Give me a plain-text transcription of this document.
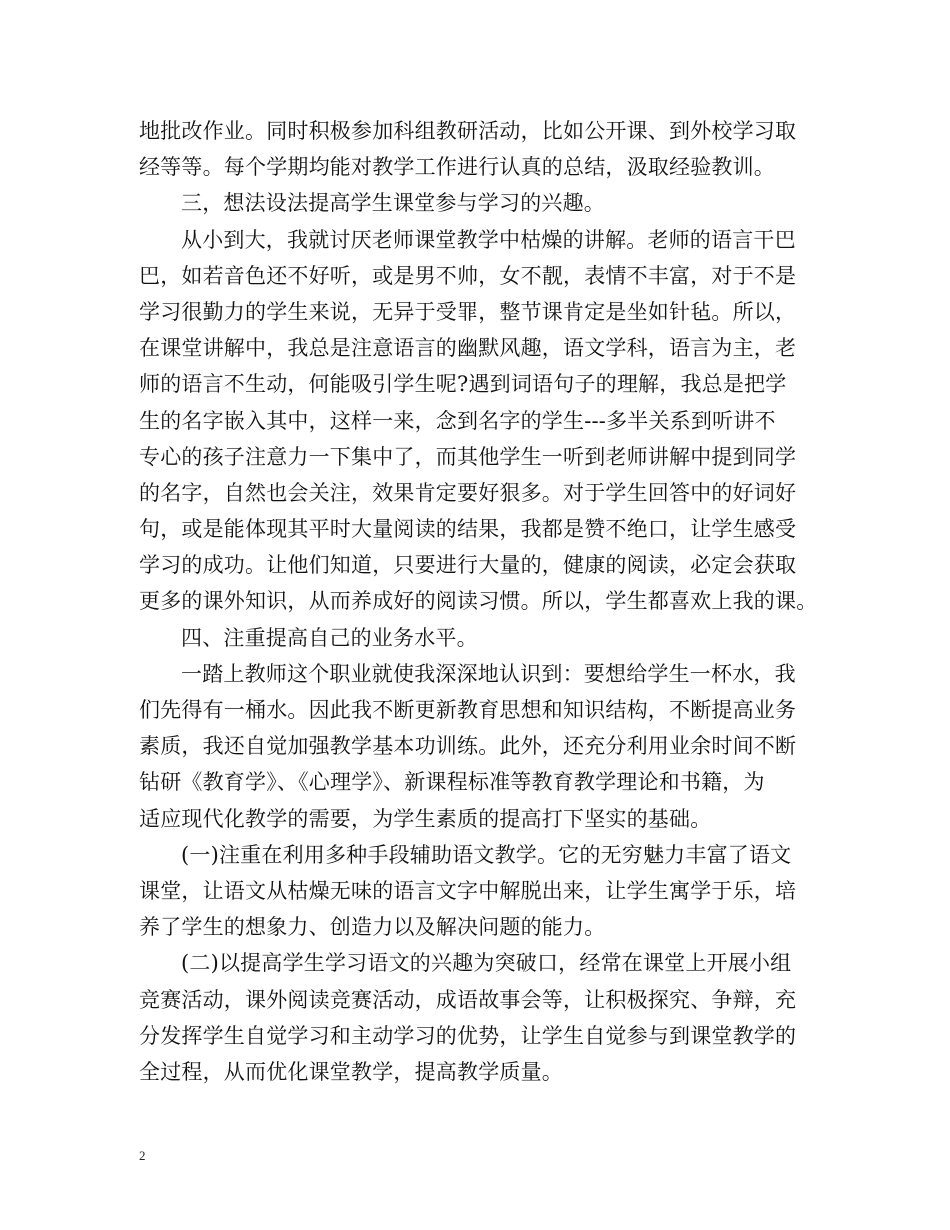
地批改作业。同时积极参加科组教研活动，比如公开课、到外校学习取
经等等。每个学期均能对教学工作进行认真的总结，汲取经验教训。
三，想法设法提高学生课堂参与学习的兴趣。
从小到大，我就讨厌老师课堂教学中枯燥的讲解。老师的语言干巴
巴，如若音色还不好听，或是男不帅，女不靓，表情不丰富，对于不是
学习很勤力的学生来说，无异于受罪，整节课肯定是坐如针毡。所以，
在课堂讲解中，我总是注意语言的幽默风趣，语文学科，语言为主，老
师的语言不生动，何能吸引学生呢?遇到词语句子的理解，我总是把学
生的名字嵌入其中，这样一来，念到名字的学生---多半关系到听讲不
专心的孩子注意力一下集中了，而其他学生一听到老师讲解中提到同学
的名字，自然也会关注，效果肯定要好狠多。对于学生回答中的好词好
句，或是能体现其平时大量阅读的结果，我都是赞不绝口，让学生感受
学习的成功。让他们知道，只要进行大量的，健康的阅读，必定会获取
更多的课外知识，从而养成好的阅读习惯。所以，学生都喜欢上我的课。
四、注重提高自己的业务水平。
一踏上教师这个职业就使我深深地认识到：要想给学生一杯水，我
们先得有一桶水。因此我不断更新教育思想和知识结构，不断提高业务
素质，我还自觉加强教学基本功训练。此外，还充分利用业余时间不断
钻研《教育学》、《心理学》、新课程标准等教育教学理论和书籍，为
适应现代化教学的需要，为学生素质的提高打下坚实的基础。
(一)注重在利用多种手段辅助语文教学。它的无穷魅力丰富了语文
课堂，让语文从枯燥无味的语言文字中解脱出来，让学生寓学于乐，培
养了学生的想象力、创造力以及解决问题的能力。
(二)以提高学生学习语文的兴趣为突破口，经常在课堂上开展小组
竞赛活动，课外阅读竞赛活动，成语故事会等，让积极探究、争辩，充
分发挥学生自觉学习和主动学习的优势，让学生自觉参与到课堂教学的
全过程，从而优化课堂教学，提高教学质量。
2
